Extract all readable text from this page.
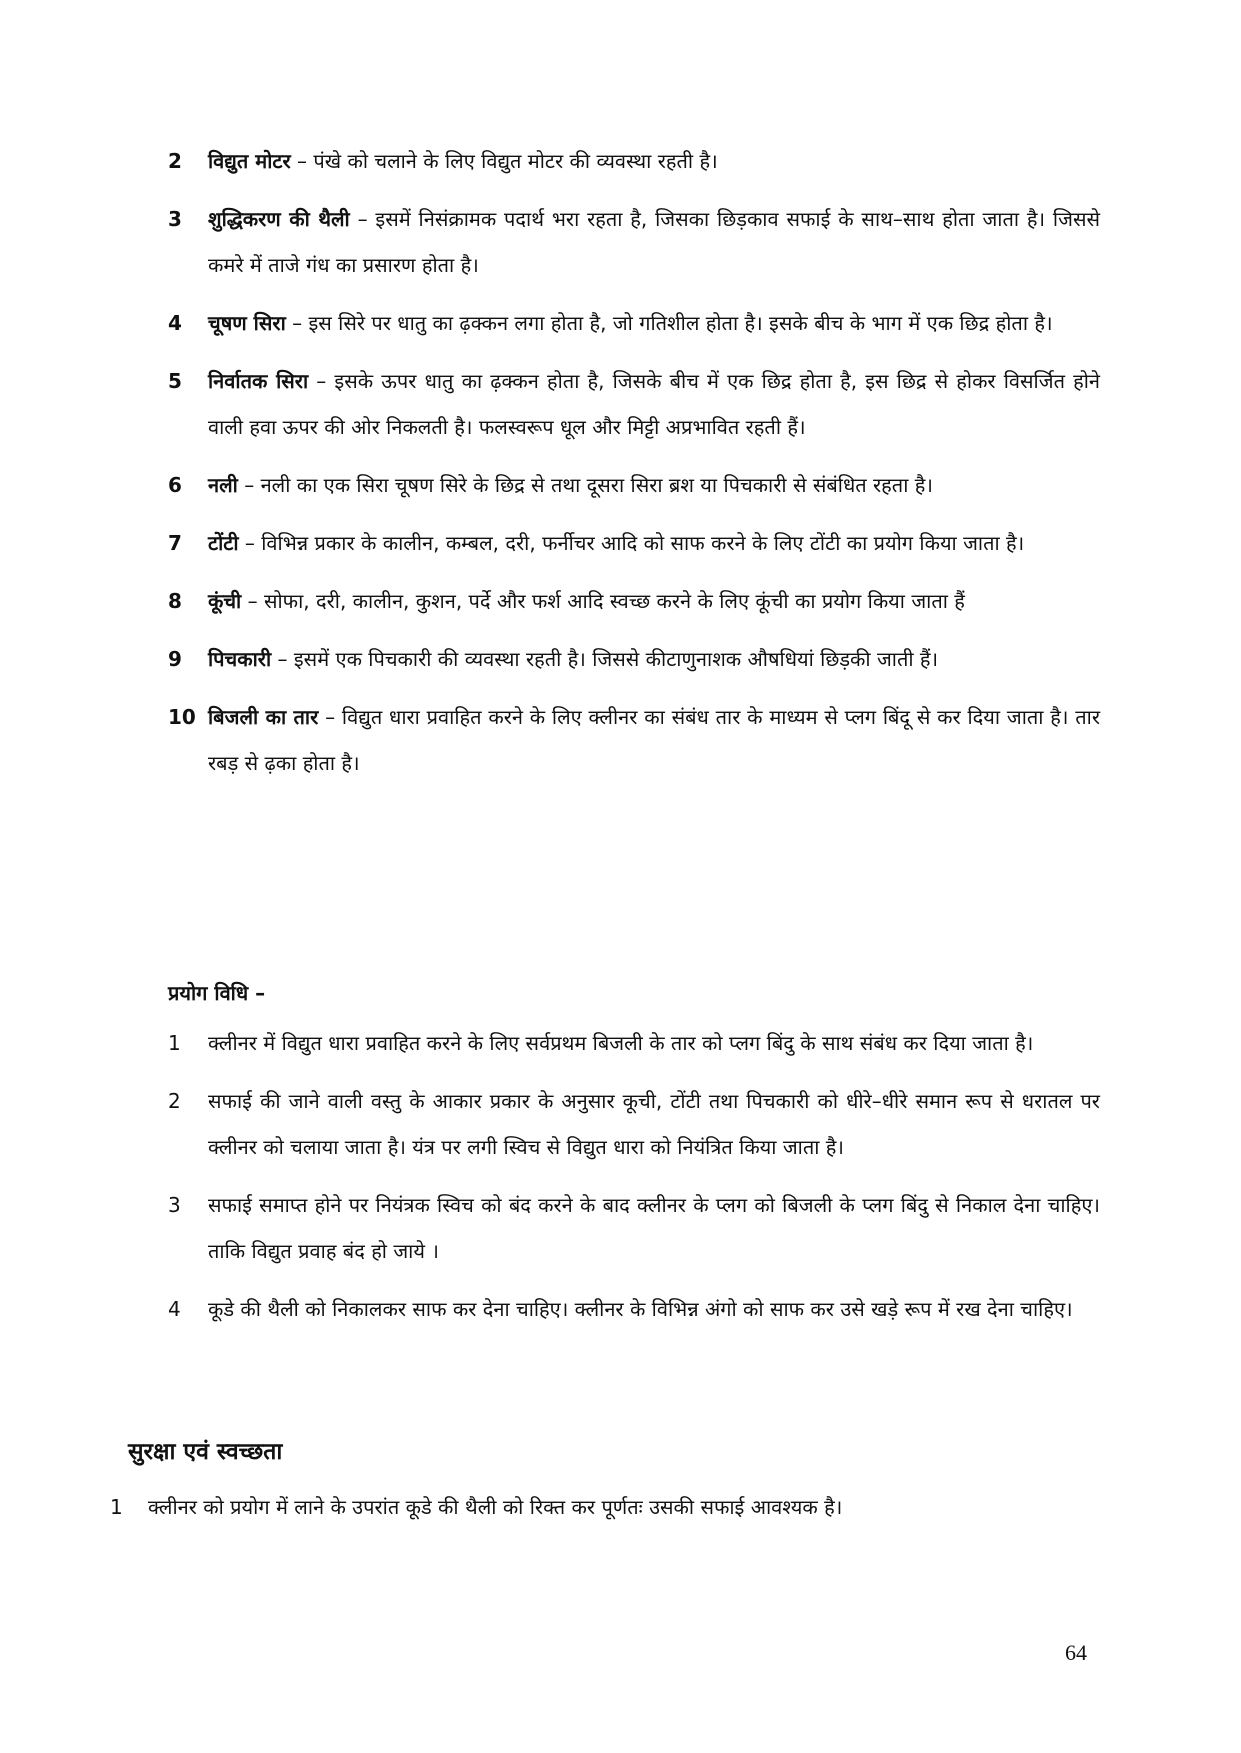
2	विद्युत मोटर – पंखे को चलाने के लिए विद्युत मोटर की व्यवस्था रहती है।
3	शुद्धिकरण की थैली – इसमें निसंक्रामक पदार्थ भरा रहता है, जिसका छिड़काव सफाई के साथ–साथ होता जाता है। जिससे कमरे में ताजे गंध का प्रसारण होता है।
4	चूषण सिरा – इस सिरे पर धातु का ढ़क्कन लगा होता है, जो गतिशील होता है। इसके बीच के भाग में एक छिद्र होता है।
5	निर्वातक सिरा – इसके ऊपर धातु का ढ़क्कन होता है, जिसके बीच में एक छिद्र होता है, इस छिद्र से होकर विसर्जित होने वाली हवा ऊपर की ओर निकलती है। फलस्वरूप धूल और मिट्टी अप्रभावित रहती हैं।
6	नली – नली का एक सिरा चूषण सिरे के छिद्र से तथा दूसरा सिरा ब्रश या पिचकारी से संबंधित रहता है।
7	टोंटी – विभिन्न प्रकार के कालीन, कम्बल, दरी, फर्नीचर आदि को साफ करने के लिए टोंटी का प्रयोग किया जाता है।
8	कूंची – सोफा, दरी, कालीन, कुशन, पर्दे और फर्श आदि स्वच्छ करने के लिए कूंची का प्रयोग किया जाता हैं
9	पिचकारी – इसमें एक पिचकारी की व्यवस्था रहती है। जिससे कीटाणुनाशक औषधियां छिड़की जाती हैं।
10 बिजली का तार – विद्युत धारा प्रवाहित करने के लिए क्लीनर का संबंध तार के माध्यम से प्लग बिंदू से कर दिया जाता है। तार रबड़ से ढ़का होता है।
प्रयोग विधि –
1	क्लीनर में विद्युत धारा प्रवाहित करने के लिए सर्वप्रथम बिजली के तार को प्लग बिंदु के साथ संबंध कर दिया जाता है।
2	सफाई की जाने वाली वस्तु के आकार प्रकार के अनुसार कूची, टोंटी तथा पिचकारी को धीरे–धीरे समान रूप से धरातल पर क्लीनर को चलाया जाता है। यंत्र पर लगी स्विच से विद्युत धारा को नियंत्रित किया जाता है।
3	सफाई समाप्त होने पर नियंत्रक स्विच को बंद करने के बाद क्लीनर के प्लग को बिजली के प्लग बिंदु से निकाल देना चाहिए। ताकि विद्युत प्रवाह बंद हो जाये ।
4	कूडे की थैली को निकालकर साफ कर देना चाहिए। क्लीनर के विभिन्न अंगो को साफ कर उसे खड़े रूप में रख देना चाहिए।
सुरक्षा एवं स्वच्छता
1	क्लीनर को प्रयोग में लाने के उपरांत कूडे की थैली को रिक्त कर पूर्णतः उसकी सफाई आवश्यक है।
64
